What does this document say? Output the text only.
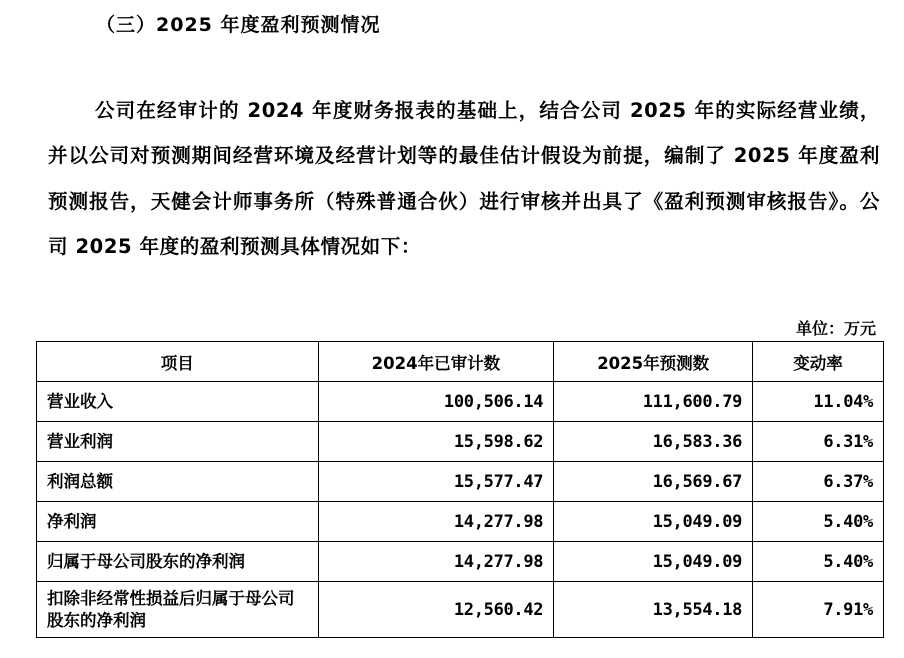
（三）2025 年度盈利预测情况

公司在经审计的 2024 年度财务报表的基础上，结合公司 2025 年的实际经营业绩，并以公司对预测期间经营环境及经营计划等的最佳估计假设为前提，编制了 2025 年度盈利预测报告，天健会计师事务所（特殊普通合伙）进行审核并出具了《盈利预测审核报告》。公司 2025 年度的盈利预测具体情况如下：

单位：万元
项目	2024年已审计数	2025年预测数	变动率
营业收入	100,506.14	111,600.79	11.04%
营业利润	15,598.62	16,583.36	6.31%
利润总额	15,577.47	16,569.67	6.37%
净利润	14,277.98	15,049.09	5.40%
归属于母公司股东的净利润	14,277.98	15,049.09	5.40%
扣除非经常性损益后归属于母公司股东的净利润	12,560.42	13,554.18	7.91%
